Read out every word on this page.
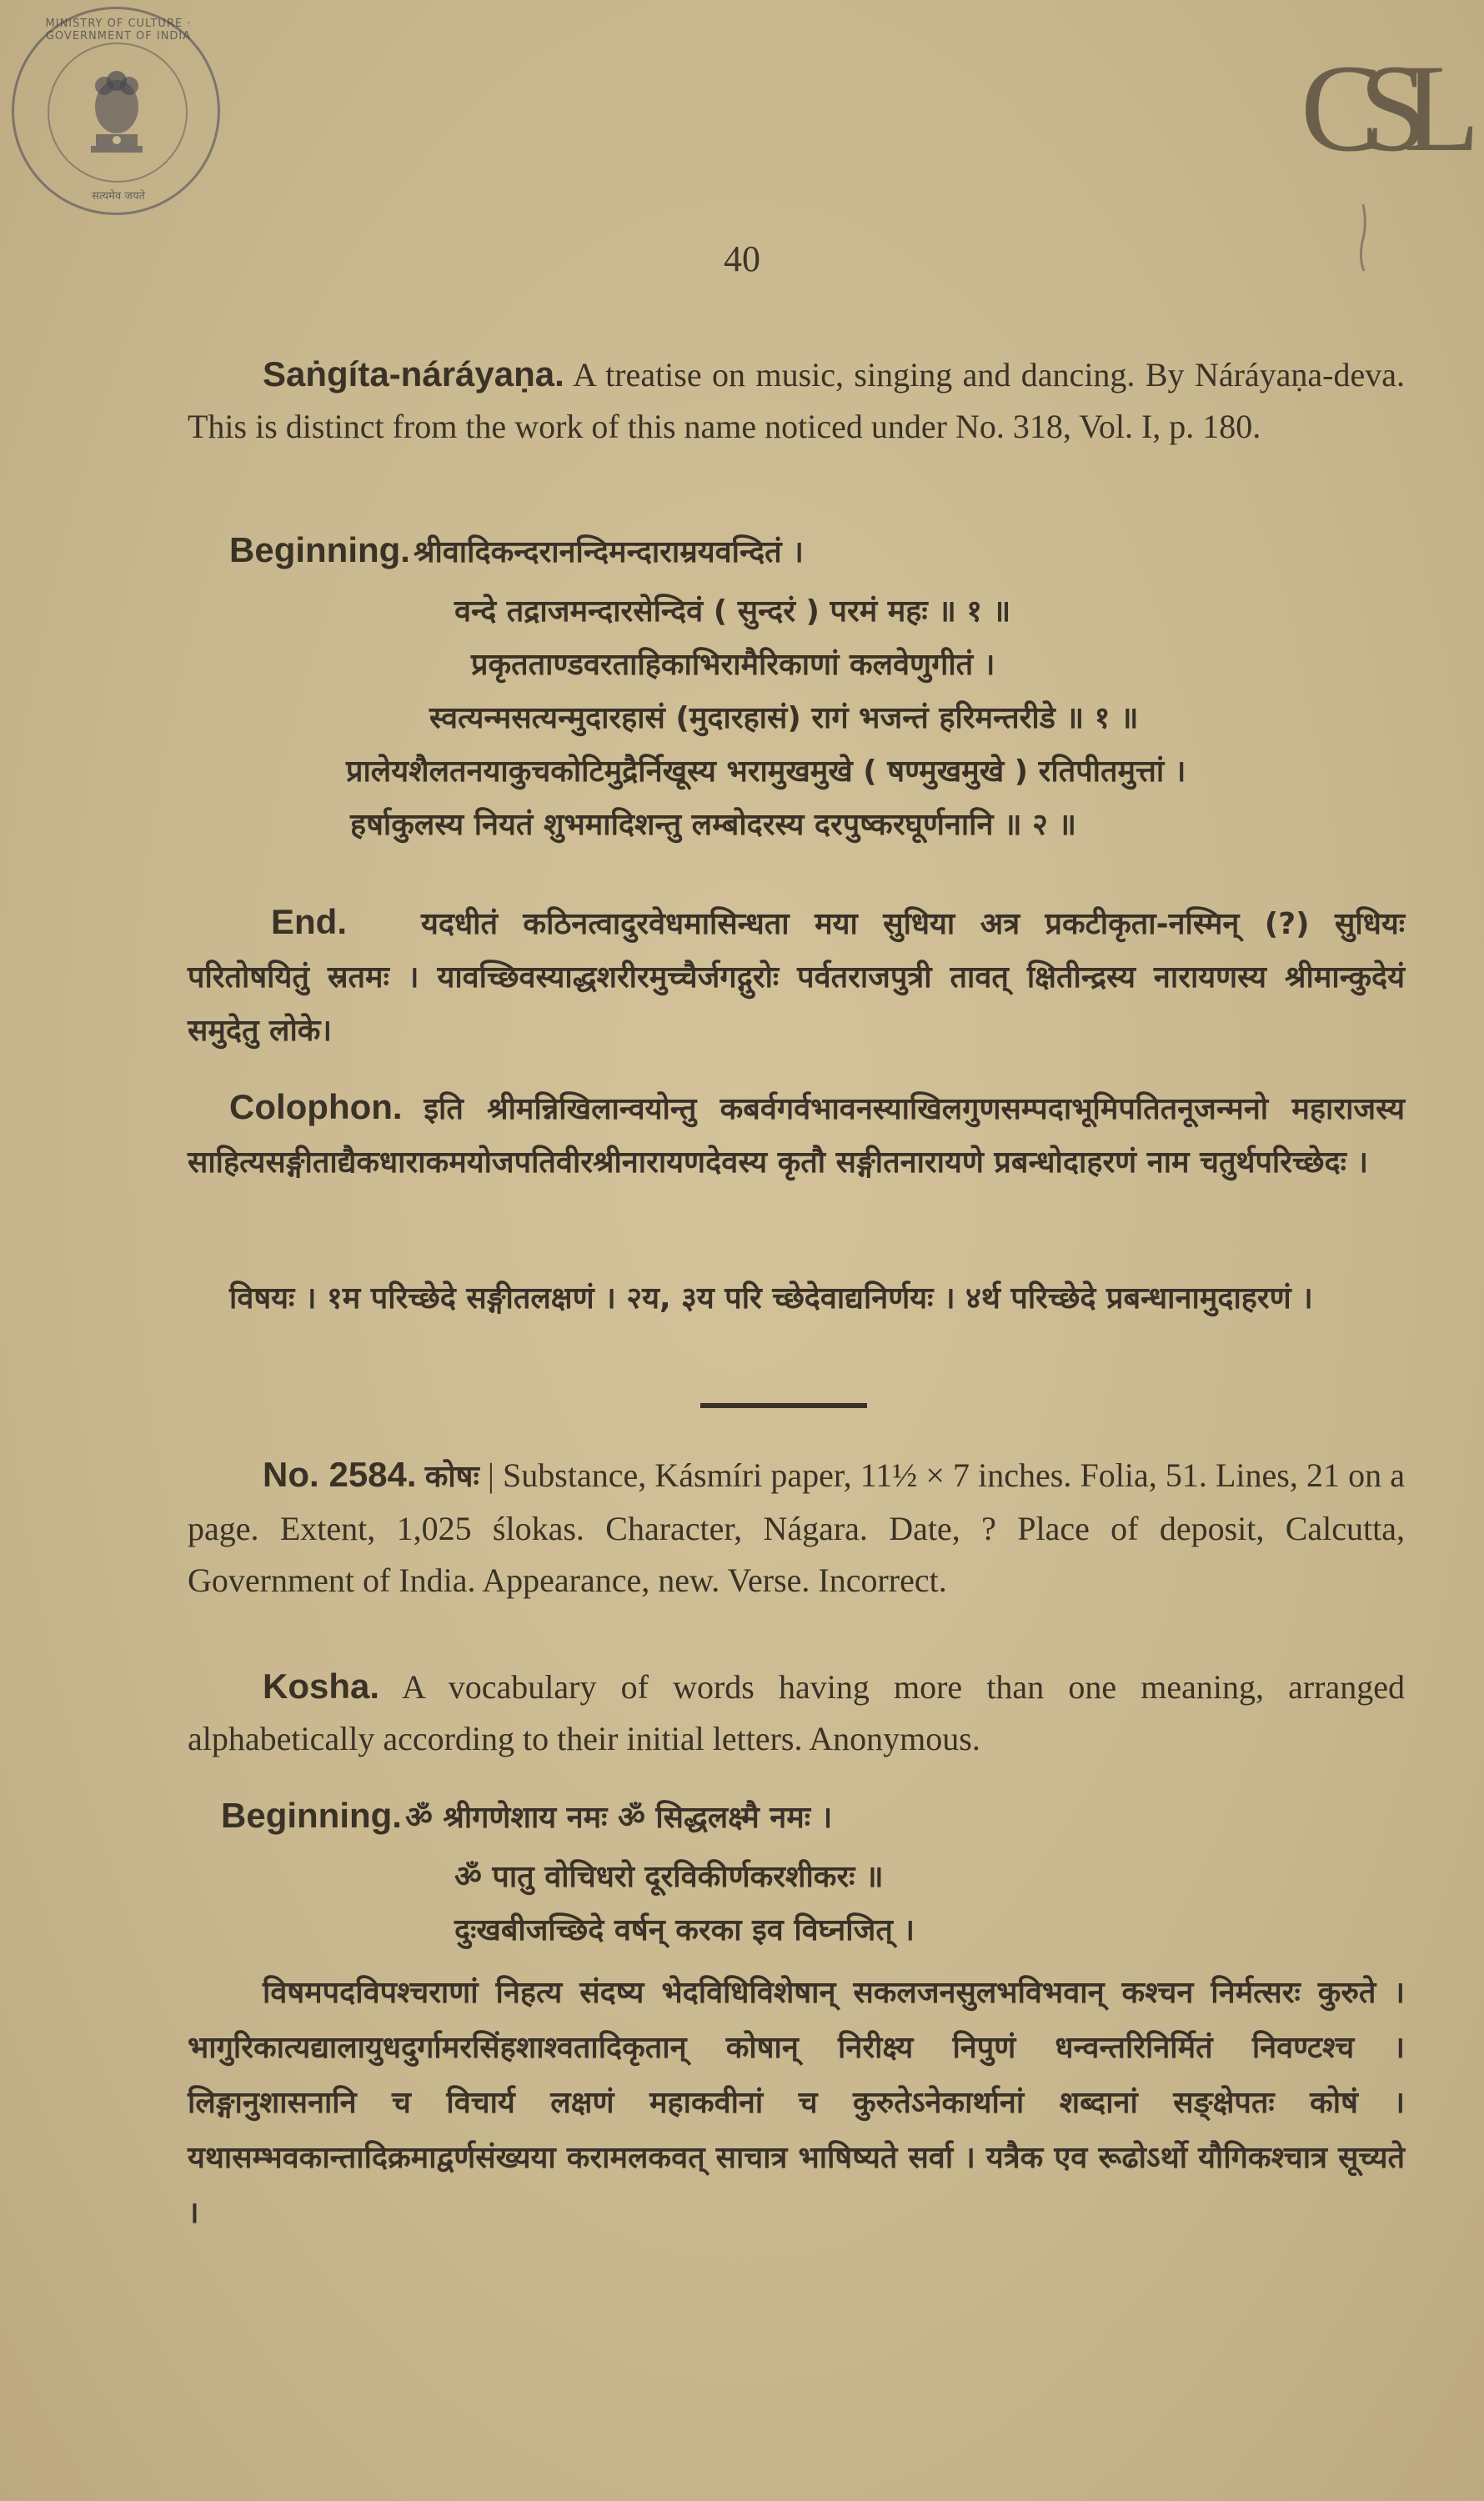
MINISTRY OF CULTURE · GOVERNMENT OF INDIA
सत्यमेव जयते
CSL
40

Saṅgíta-náráyaṇa. A treatise on music, singing and dancing. By Náráyaṇa-deva. This is distinct from the work of this name noticed under No. 318, Vol. I, p. 180.

Beginning. श्रीवादिकन्दरानन्दिमन्दाराम्रयवन्दितं ।

वन्दे तद्राजमन्दारसेन्दिवं ( सुन्दरं ) परमं महः ॥ १ ॥

प्रकृतताण्डवरताहिकाभिरामैरिकाणां कलवेणुगीतं ।

स्वत्यन्मसत्यन्मुदारहासं (मुदारहासं) रागं भजन्तं हरिमन्तरीडे ॥ १ ॥

प्रालेयशैलतनयाकुचकोटिमुद्रैर्निखूस्य भरामुखमुखे ( षण्मुखमुखे ) रतिपीतमुत्तां ।

हर्षाकुलस्य नियतं शुभमादिशन्तु लम्बोदरस्य दरपुष्करघूर्णनानि ॥ २ ॥

End. यदधीतं कठिनत्वादुरवेधमासिन्धता मया सुधिया अत्र प्रकटीकृता-नस्मिन् (?) सुधियः परितोषयितुं स्रतमः । यावच्छिवस्याद्धशरीरमुच्चैर्जगद्गुरोः पर्वतराजपुत्री तावत् क्षितीन्द्रस्य नारायणस्य श्रीमान्कुदेयं समुदेतु लोके।

Colophon. इति श्रीमन्निखिलान्वयोन्तु कबर्वगर्वभावनस्याखिलगुणसम्पदाभूमिपतितनूजन्मनो महाराजस्य साहित्यसङ्गीताद्यैकधाराकमयोजपतिवीरश्रीनारायणदेवस्य कृतौ सङ्गीतनारायणे प्रबन्धोदाहरणं नाम चतुर्थपरिच्छेदः ।

विषयः । १म परिच्छेदे सङ्गीतलक्षणं । २य, ३य परि च्छेदेवाद्यनिर्णयः । ४र्थ परिच्छेदे प्रबन्धानामुदाहरणं ।

No. 2584. कोषः | Substance, Kásmíri paper, 11½ × 7 inches. Folia, 51. Lines, 21 on a page. Extent, 1,025 ślokas. Character, Nágara. Date, ? Place of deposit, Calcutta, Government of India. Appearance, new. Verse. Incorrect.

Kosha. A vocabulary of words having more than one meaning, arranged alphabetically according to their initial letters. Anonymous.

Beginning. ॐ श्रीगणेशाय नमः ॐ सिद्धलक्ष्मै नमः ।

ॐ पातु वोचिधरो दूरविकीर्णकरशीकरः ॥

दुःखबीजच्छिदे वर्षन् करका इव विघ्नजित् ।

विषमपदविपश्चराणां निहत्य संदष्य भेदविधिविशेषान् सकलजनसुलभविभवान् कश्चन निर्मत्सरः कुरुते । भागुरिकात्यद्यालायुधदुर्गामरसिंहशाश्वतादिकृतान् कोषान् निरीक्ष्य निपुणं धन्वन्तरिनिर्मितं निवण्टश्च । लिङ्गानुशासनानि च विचार्य लक्षणं महाकवीनां च कुरुतेऽनेकार्थानां शब्दानां सङ्क्षेपतः कोषं । यथासम्भवकान्तादिक्रमाद्वर्णसंख्यया करामलकवत् साचात्र भाषिष्यते सर्वा । यत्रैक एव रूढोऽर्थो यौगिकश्चात्र सूच्यते ।
